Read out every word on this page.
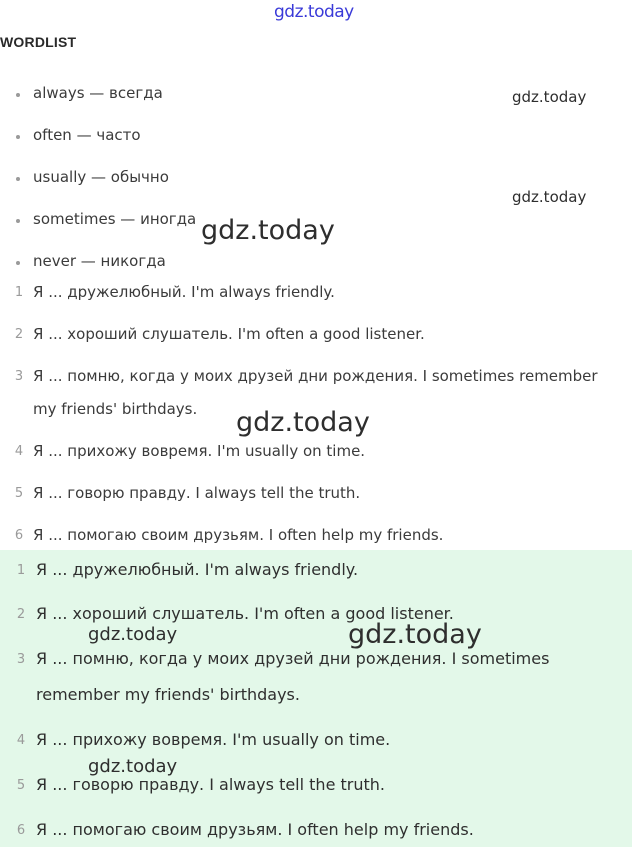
gdz.today
WORDLIST
always — всегда
often — часто
usually — обычно
sometimes — иногда
never — никогда
1 Я ... дружелюбный. I'm always friendly.
2 Я ... хороший слушатель. I'm often a good listener.
3 Я ... помню, когда у моих друзей дни рождения. I sometimes remember my friends' birthdays.
4 Я ... прихожу вовремя. I'm usually on time.
5 Я ... говорю правду. I always tell the truth.
6 Я ... помогаю своим друзьям. I often help my friends.
1 Я ... дружелюбный. I'm always friendly.
2 Я ... хороший слушатель. I'm often a good listener.
3 Я ... помню, когда у моих друзей дни рождения. I sometimes remember my friends' birthdays.
4 Я ... прихожу вовремя. I'm usually on time.
5 Я ... говорю правду. I always tell the truth.
6 Я ... помогаю своим друзьям. I often help my friends.
gdz.today
gdz.today
gdz.today
gdz.today
gdz.today	gdz.today
gdz.today
